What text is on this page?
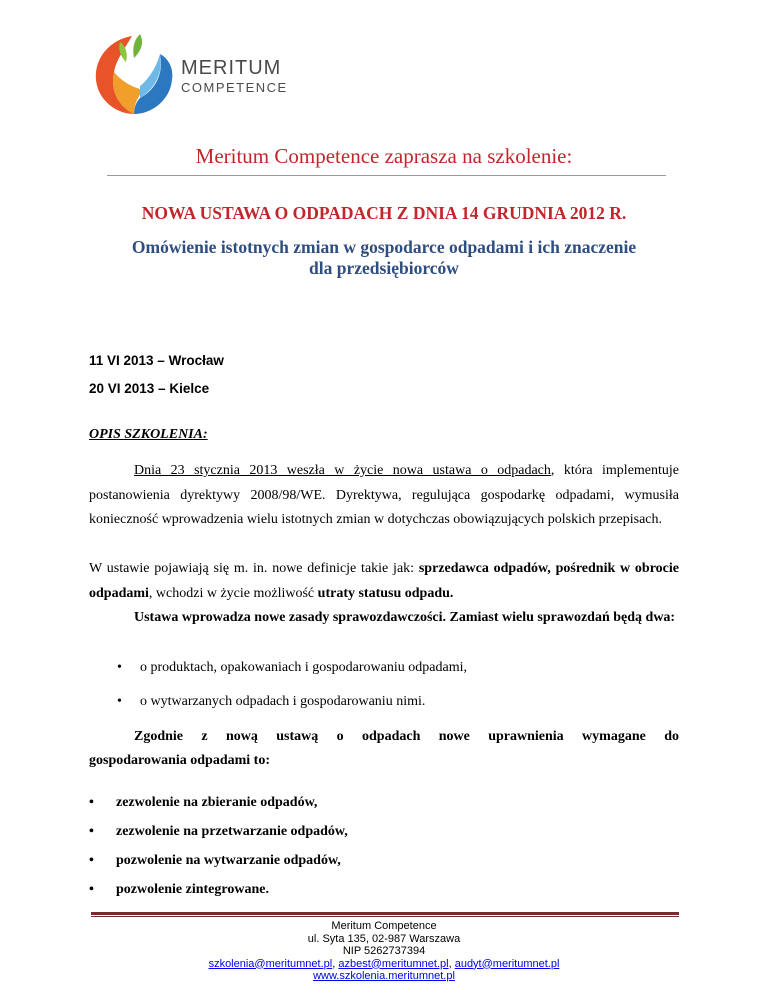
MERITUM
COMPETENCE
Meritum Competence zaprasza na szkolenie:
NOWA USTAWA O ODPADACH Z DNIA 14 GRUDNIA 2012 R.
Omówienie istotnych zmian w gospodarce odpadami i ich znaczenie
dla przedsiębiorców
11 VI 2013 – Wrocław
20 VI 2013 – Kielce
OPIS SZKOLENIA:
Dnia 23 stycznia 2013 weszła w życie nowa ustawa o odpadach, która implementuje postanowienia dyrektywy 2008/98/WE. Dyrektywa, regulująca gospodarkę odpadami, wymusiła konieczność wprowadzenia wielu istotnych zmian w dotychczas obowiązujących polskich przepisach.
W ustawie pojawiają się m. in. nowe definicje takie jak: sprzedawca odpadów, pośrednik w obrocie odpadami, wchodzi w życie możliwość utraty statusu odpadu.
Ustawa wprowadza nowe zasady sprawozdawczości. Zamiast wielu sprawozdań będą dwa:
• o produktach, opakowaniach i gospodarowaniu odpadami,
• o wytwarzanych odpadach i gospodarowaniu nimi.
Zgodnie z nową ustawą o odpadach nowe uprawnienia wymagane do
gospodarowania odpadami to:
• zezwolenie na zbieranie odpadów,
• zezwolenie na przetwarzanie odpadów,
• pozwolenie na wytwarzanie odpadów,
• pozwolenie zintegrowane.
Meritum Competence
ul. Syta 135, 02-987 Warszawa
NIP 5262737394
szkolenia@meritumnet.pl, azbest@meritumnet.pl, audyt@meritumnet.pl
www.szkolenia.meritumnet.pl
